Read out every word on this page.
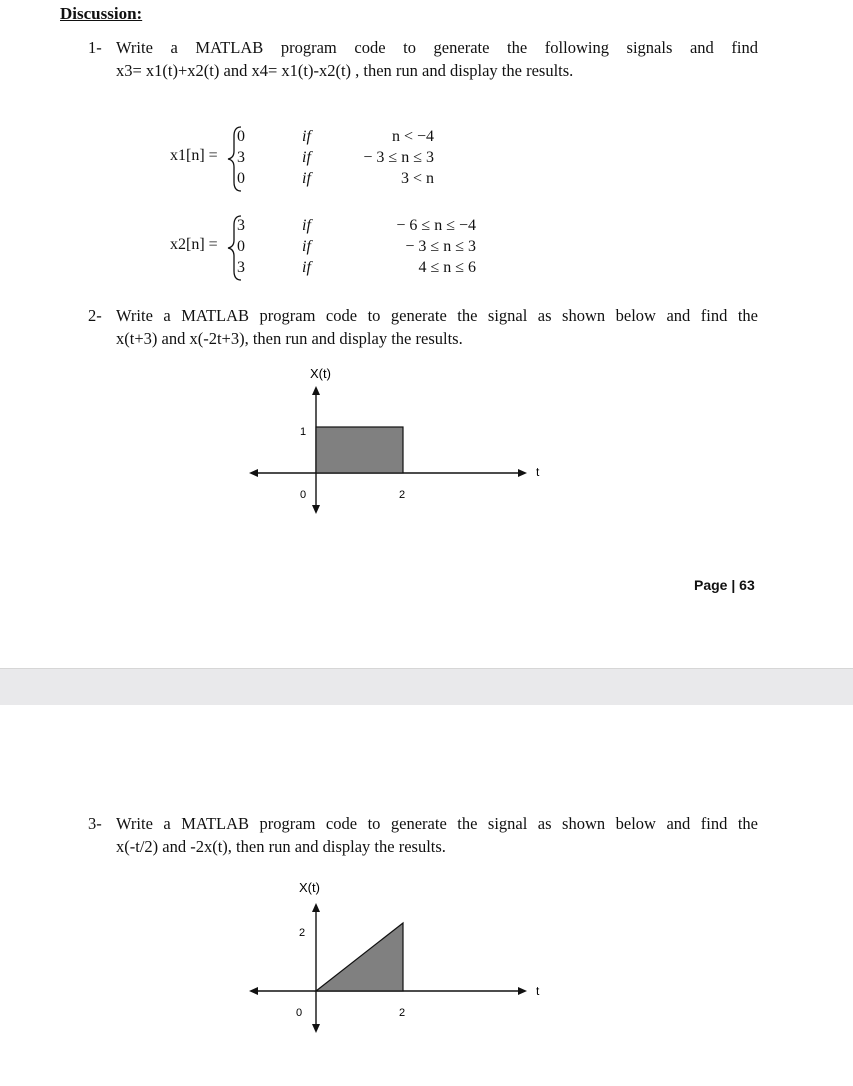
Discussion:
1- Write a MATLAB program code to generate the following signals and find
x3= x1(t)+x2(t) and x4= x1(t)-x2(t) , then run and display the results.
x1[n] =
0
3
0
if
if
if
n < −4
− 3 ≤ n ≤ 3
3 < n
x2[n] =
3
0
3
if
if
if
− 6 ≤ n ≤ −4
− 3 ≤ n ≤ 3
4 ≤ n ≤ 6
2- Write a MATLAB program code to generate the signal as shown below and find the
x(t+3) and x(-2t+3), then run and display the results.
X(t)
t
1
0	2
Page | 63
3- Write a MATLAB program code to generate the signal as shown below and find the
x(-t/2) and -2x(t), then run and display the results.
X(t)
t
2
0	2
